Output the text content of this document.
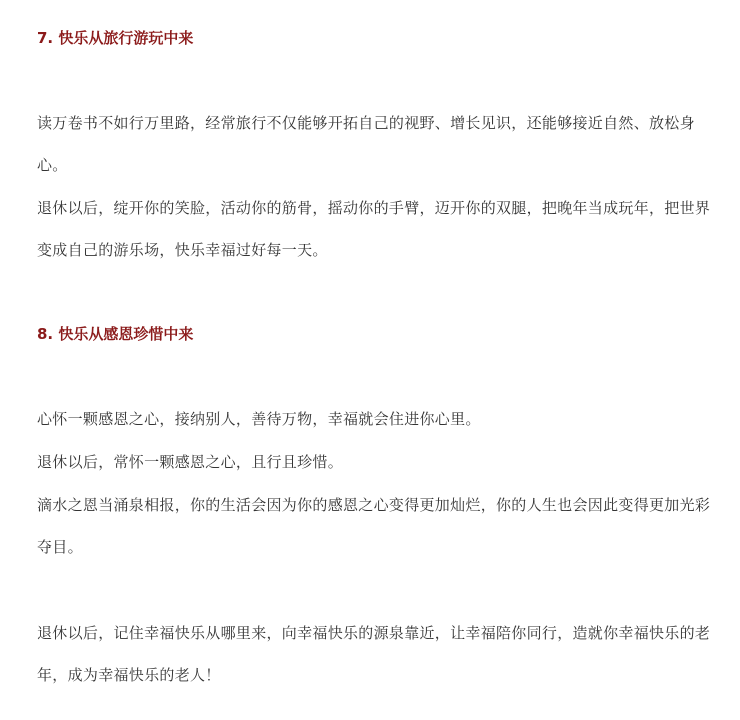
7. 快乐从旅行游玩中来

读万卷书不如行万里路，经常旅行不仅能够开拓自己的视野、增长见识，还能够接近自然、放松身心。

退休以后，绽开你的笑脸，活动你的筋骨，摇动你的手臂，迈开你的双腿，把晚年当成玩年，把世界变成自己的游乐场，快乐幸福过好每一天。

8. 快乐从感恩珍惜中来

心怀一颗感恩之心，接纳别人，善待万物，幸福就会住进你心里。

退休以后，常怀一颗感恩之心，且行且珍惜。

滴水之恩当涌泉相报，你的生活会因为你的感恩之心变得更加灿烂，你的人生也会因此变得更加光彩夺目。

退休以后，记住幸福快乐从哪里来，向幸福快乐的源泉靠近，让幸福陪你同行，造就你幸福快乐的老年，成为幸福快乐的老人！
